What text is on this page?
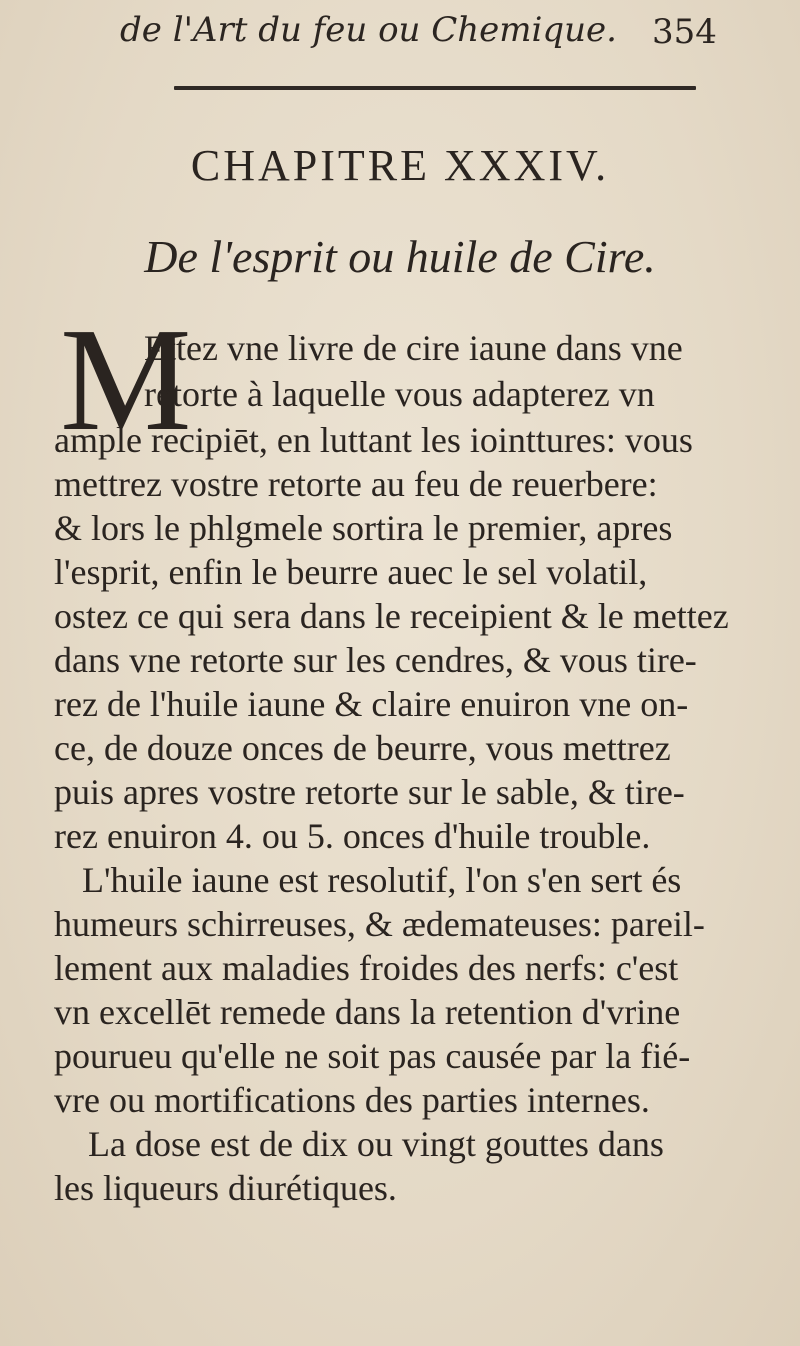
de l'Art du feu ou Chemique. 354
CHAPITRE XXXIV.
De l'esprit ou huile de Cire.
M
Ettez vne livre de cire iaune dans vne
retorte à laquelle vous adapterez vn
ample recipiēt, en luttant les iointtures: vous
mettrez vostre retorte au feu de reuerbere:
& lors le phlgmele sortira le premier, apres
l'esprit, enfin le beurre auec le sel volatil,
ostez ce qui sera dans le receipient & le mettez
dans vne retorte sur les cendres, & vous tire-
rez de l'huile iaune & claire enuiron vne on-
ce, de douze onces de beurre, vous mettrez
puis apres vostre retorte sur le sable, & tire-
rez enuiron 4. ou 5. onces d'huile trouble.
L'huile iaune est resolutif, l'on s'en sert és
humeurs schirreuses, & ædemateuses: pareil-
lement aux maladies froides des nerfs: c'est
vn excellēt remede dans la retention d'vrine
pourueu qu'elle ne soit pas causée par la fié-
vre ou mortifications des parties internes.
La dose est de dix ou vingt gouttes dans
les liqueurs diurétiques.
